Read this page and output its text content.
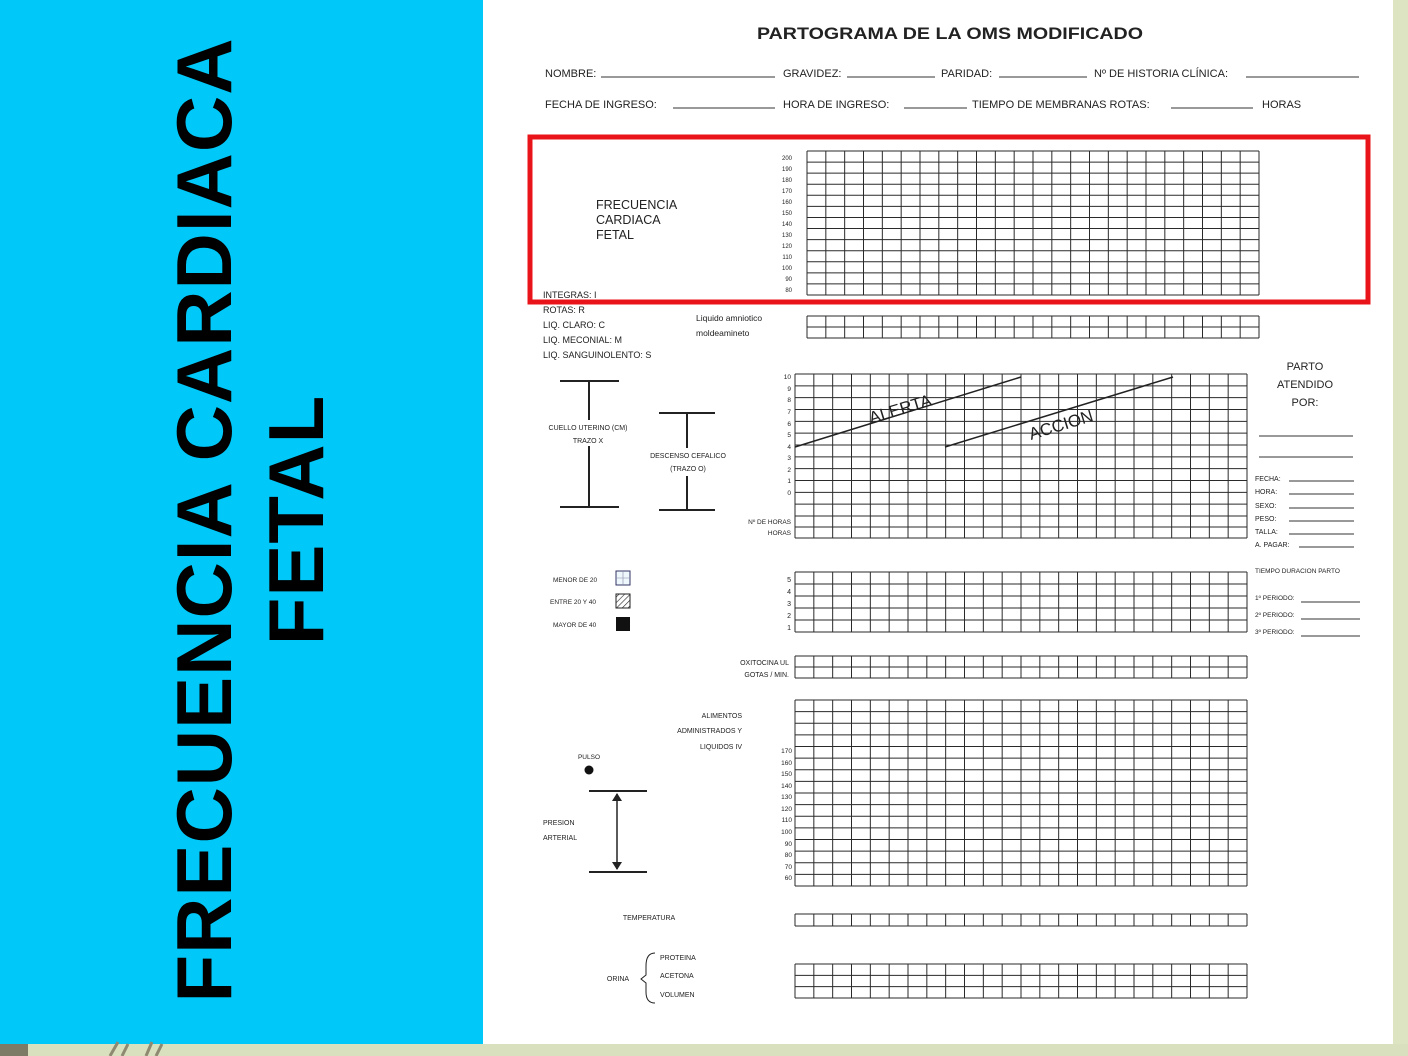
FRECUENCIA CARDIACA FETAL
PARTOGRAMA DE LA OMS MODIFICADO
NOMBRE:	GRAVIDEZ:	PARIDAD:	Nº DE HISTORIA CLÍNICA:
FECHA DE INGRESO:	HORA DE INGRESO:	TIEMPO DE MEMBRANAS ROTAS:	HORAS
FRECUENCIA
CARDIACA
FETAL
200
190
180
170
160
150
140
130
120
110
100
90
80
INTEGRAS: I
ROTAS: R
LIQ. CLARO: C
LIQ. MECONIAL: M
LIQ. SANGUINOLENTO: S
Liquido amniotico
moldeamineto
CUELLO UTERINO (CM)
TRAZO X
DESCENSO CEFALICO
(TRAZO O)
10
9
8
7
6
5
4
3
2
1
0
ALERTA	ACCION
Nº DE HORAS
HORAS
PARTO
ATENDIDO
POR:
FECHA:
HORA:
SEXO:
PESO:
TALLA:
A. PAGAR:
TIEMPO DURACION PARTO
1º PERIODO:
2º PERIODO:
3º PERIODO:
MENOR DE 20
ENTRE 20 Y 40
MAYOR DE 40
5
4
3
2
1
OXITOCINA UL
GOTAS / MIN.
ALIMENTOS
ADMINISTRADOS Y
LIQUIDOS IV
PULSO
PRESION
ARTERIAL
170
160
150
140
130
120
110
100
90
80
70
60
TEMPERATURA
ORINA
PROTEINA
ACETONA
VOLUMEN
